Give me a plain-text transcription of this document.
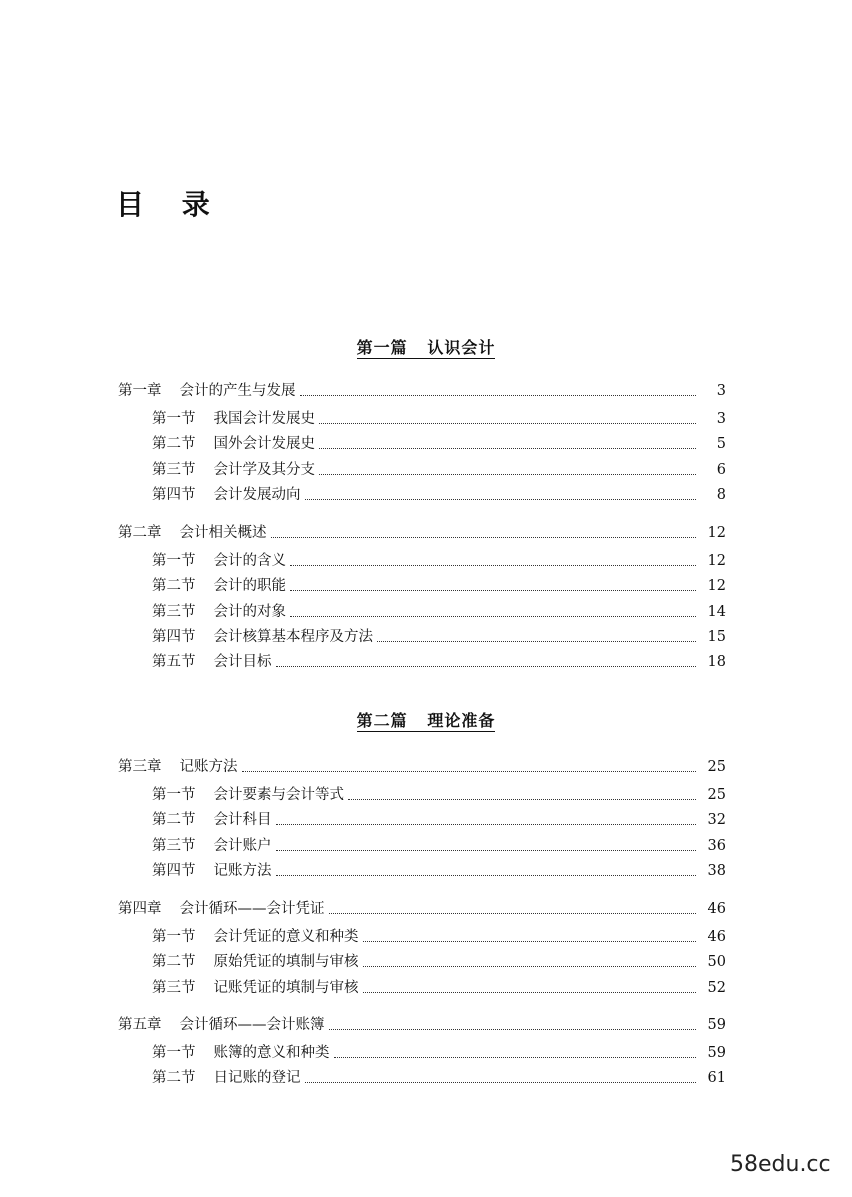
目 录
第一篇   认识会计
第一章 会计的产生与发展	3
第一节 我国会计发展史	3
第二节 国外会计发展史	5
第三节 会计学及其分支	6
第四节 会计发展动向	8
第二章 会计相关概述	12
第一节 会计的含义	12
第二节 会计的职能	12
第三节 会计的对象	14
第四节 会计核算基本程序及方法	15
第五节 会计目标	18
第二篇   理论准备
第三章 记账方法	25
第一节 会计要素与会计等式	25
第二节 会计科目	32
第三节 会计账户	36
第四节 记账方法	38
第四章 会计循环——会计凭证	46
第一节 会计凭证的意义和种类	46
第二节 原始凭证的填制与审核	50
第三节 记账凭证的填制与审核	52
第五章 会计循环——会计账簿	59
第一节 账簿的意义和种类	59
第二节 日记账的登记	61
58edu.cc
